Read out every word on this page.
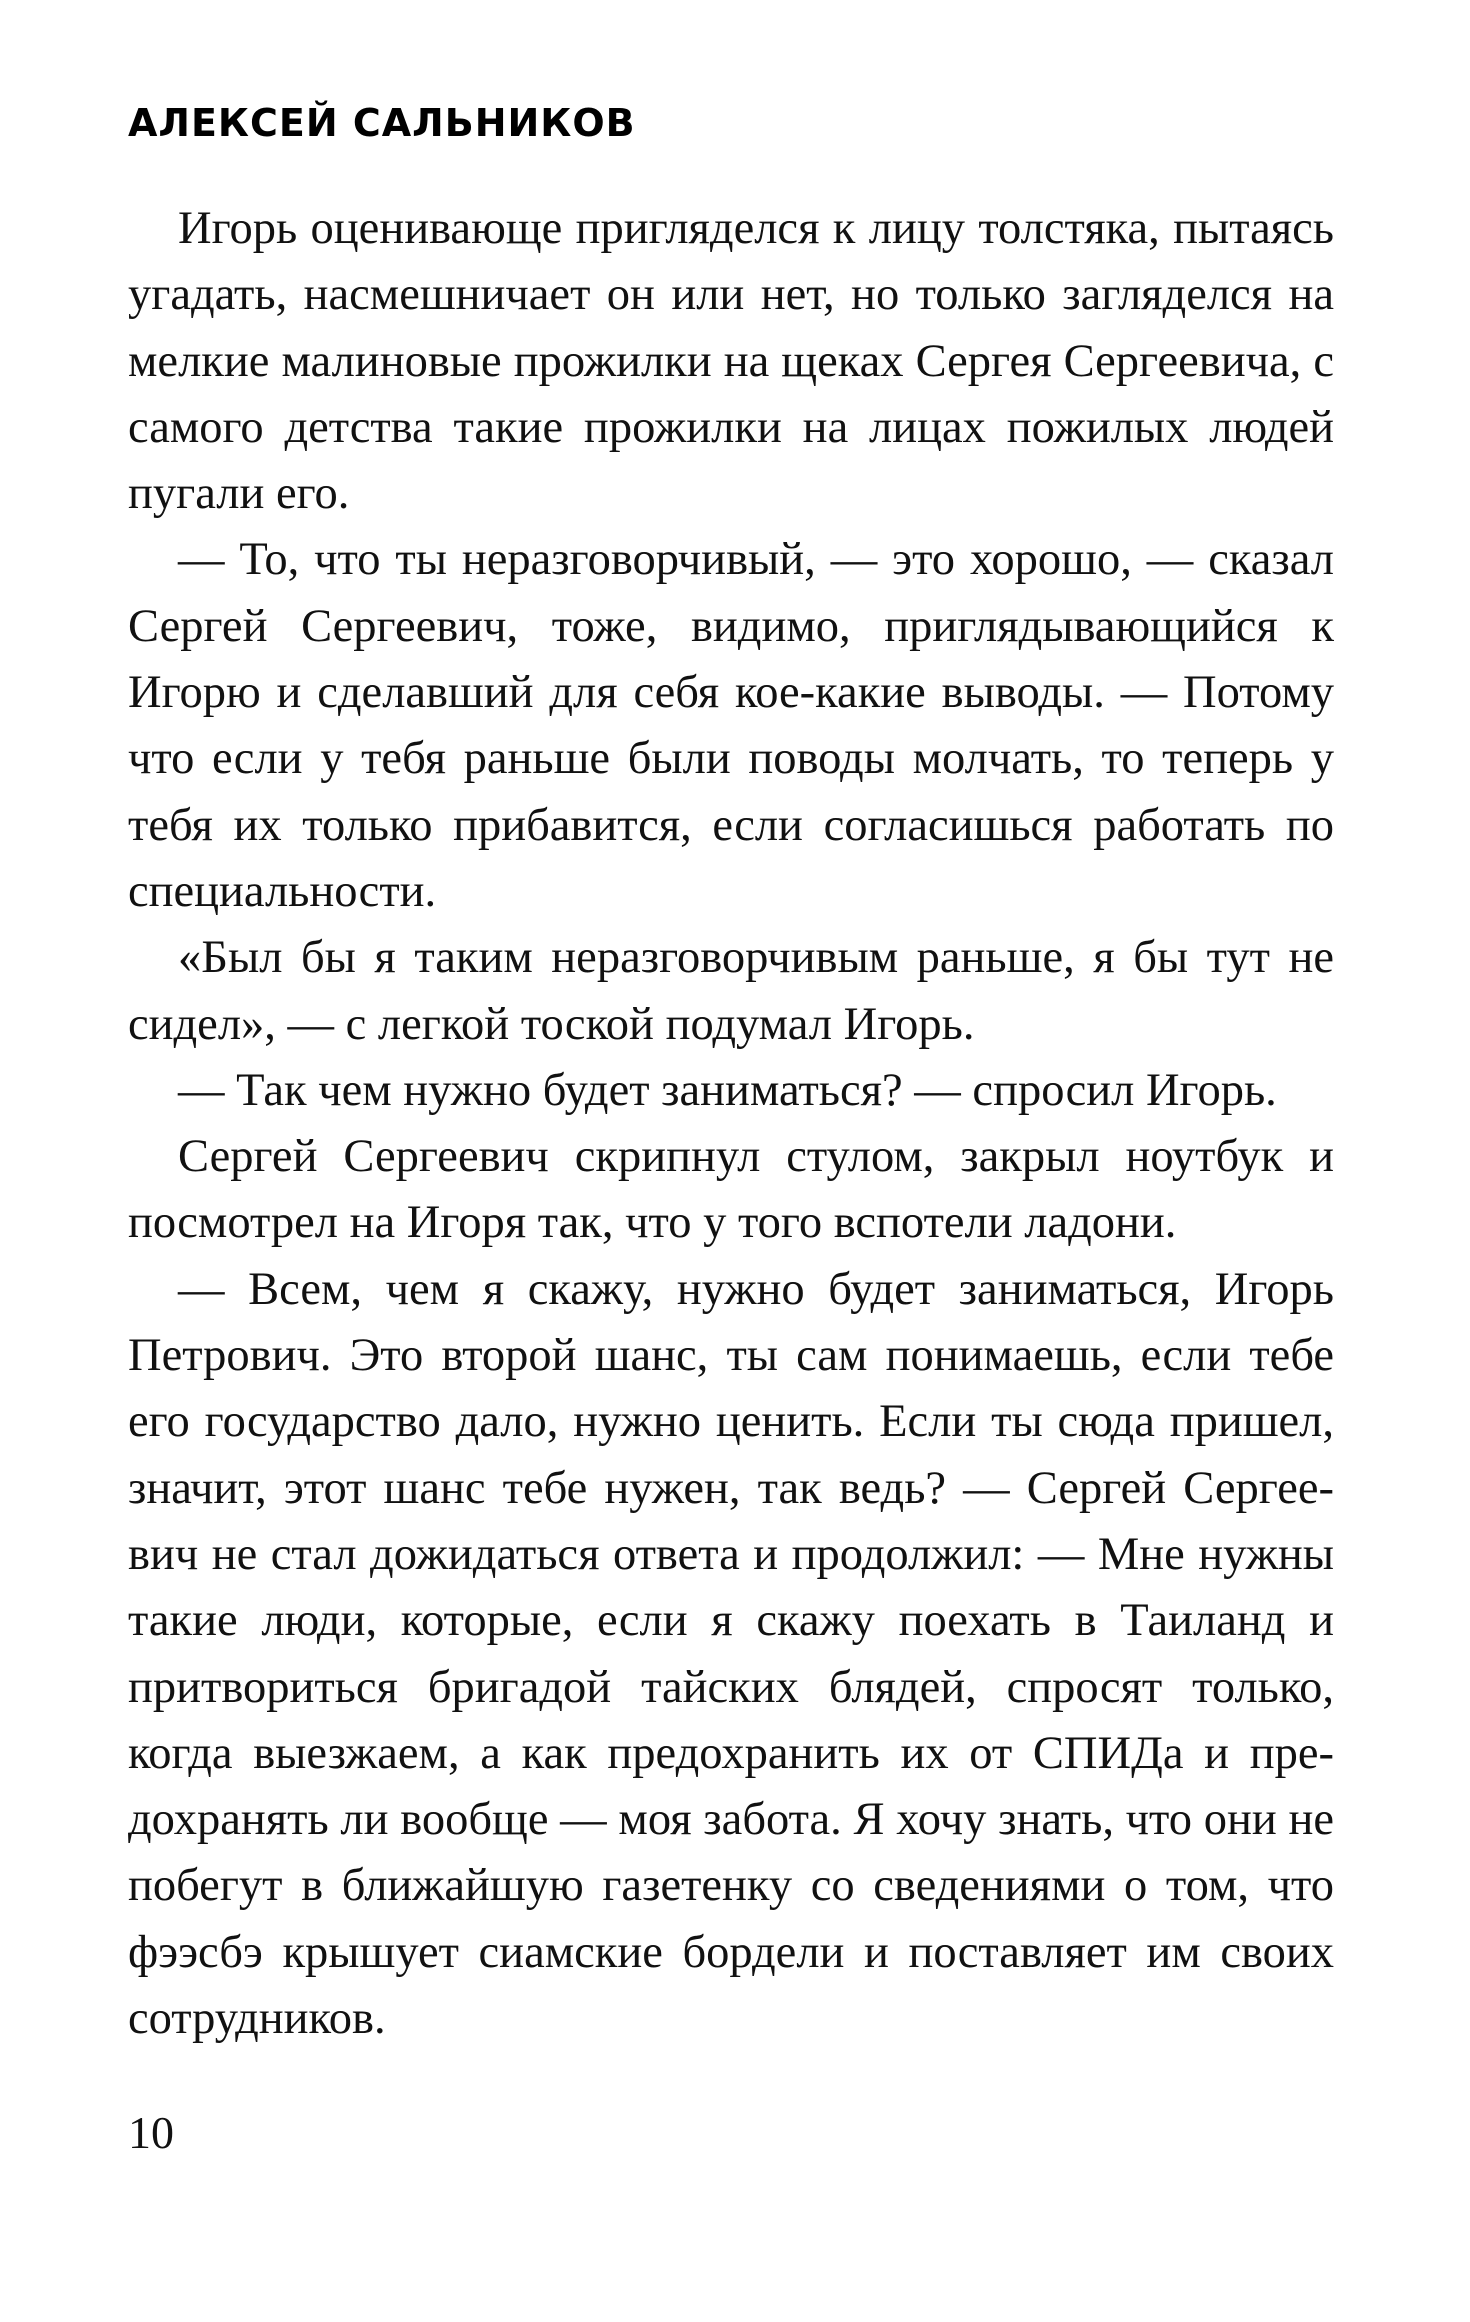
АЛЕКСЕЙ САЛЬНИКОВ

Игорь оценивающе пригляделся к лицу толстяка, пытаясь угадать, насмешничает он или нет, но только загляделся на мелкие малиновые прожилки на щеках Сергея Сергеевича, с самого детства такие прожилки на лицах пожилых людей пугали его.

— То, что ты неразговорчивый, — это хорошо, — сказал Сергей Сергеевич, тоже, видимо, приглядывающийся к Игорю и сделавший для себя кое-какие выводы. — Потому что если у тебя раньше были поводы молчать, то теперь у тебя их только прибавится, если согласишься работать по специальности.

«Был бы я таким неразговорчивым раньше, я бы тут не сидел», — с легкой тоской подумал Игорь.

— Так чем нужно будет заниматься? — спросил Игорь.

Сергей Сергеевич скрипнул стулом, закрыл ноутбук и посмотрел на Игоря так, что у того вспотели ладони.

— Всем, чем я скажу, нужно будет заниматься, Игорь Петрович. Это второй шанс, ты сам понимаешь, если тебе его государство дало, нужно ценить. Если ты сюда пришел, значит, этот шанс тебе нужен, так ведь? — Сергей Сергеевич не стал дожидаться ответа и продолжил: — Мне нужны такие люди, которые, если я скажу поехать в Таиланд и притвориться бригадой тайских блядей, спросят только, когда выезжаем, а как предохранить их от СПИДа и предохранять ли вообще — моя забота. Я хочу знать, что они не побегут в ближайшую газетенку со сведениями о том, что фээсбэ крышует сиамские бордели и поставляет им своих сотрудников.

10
